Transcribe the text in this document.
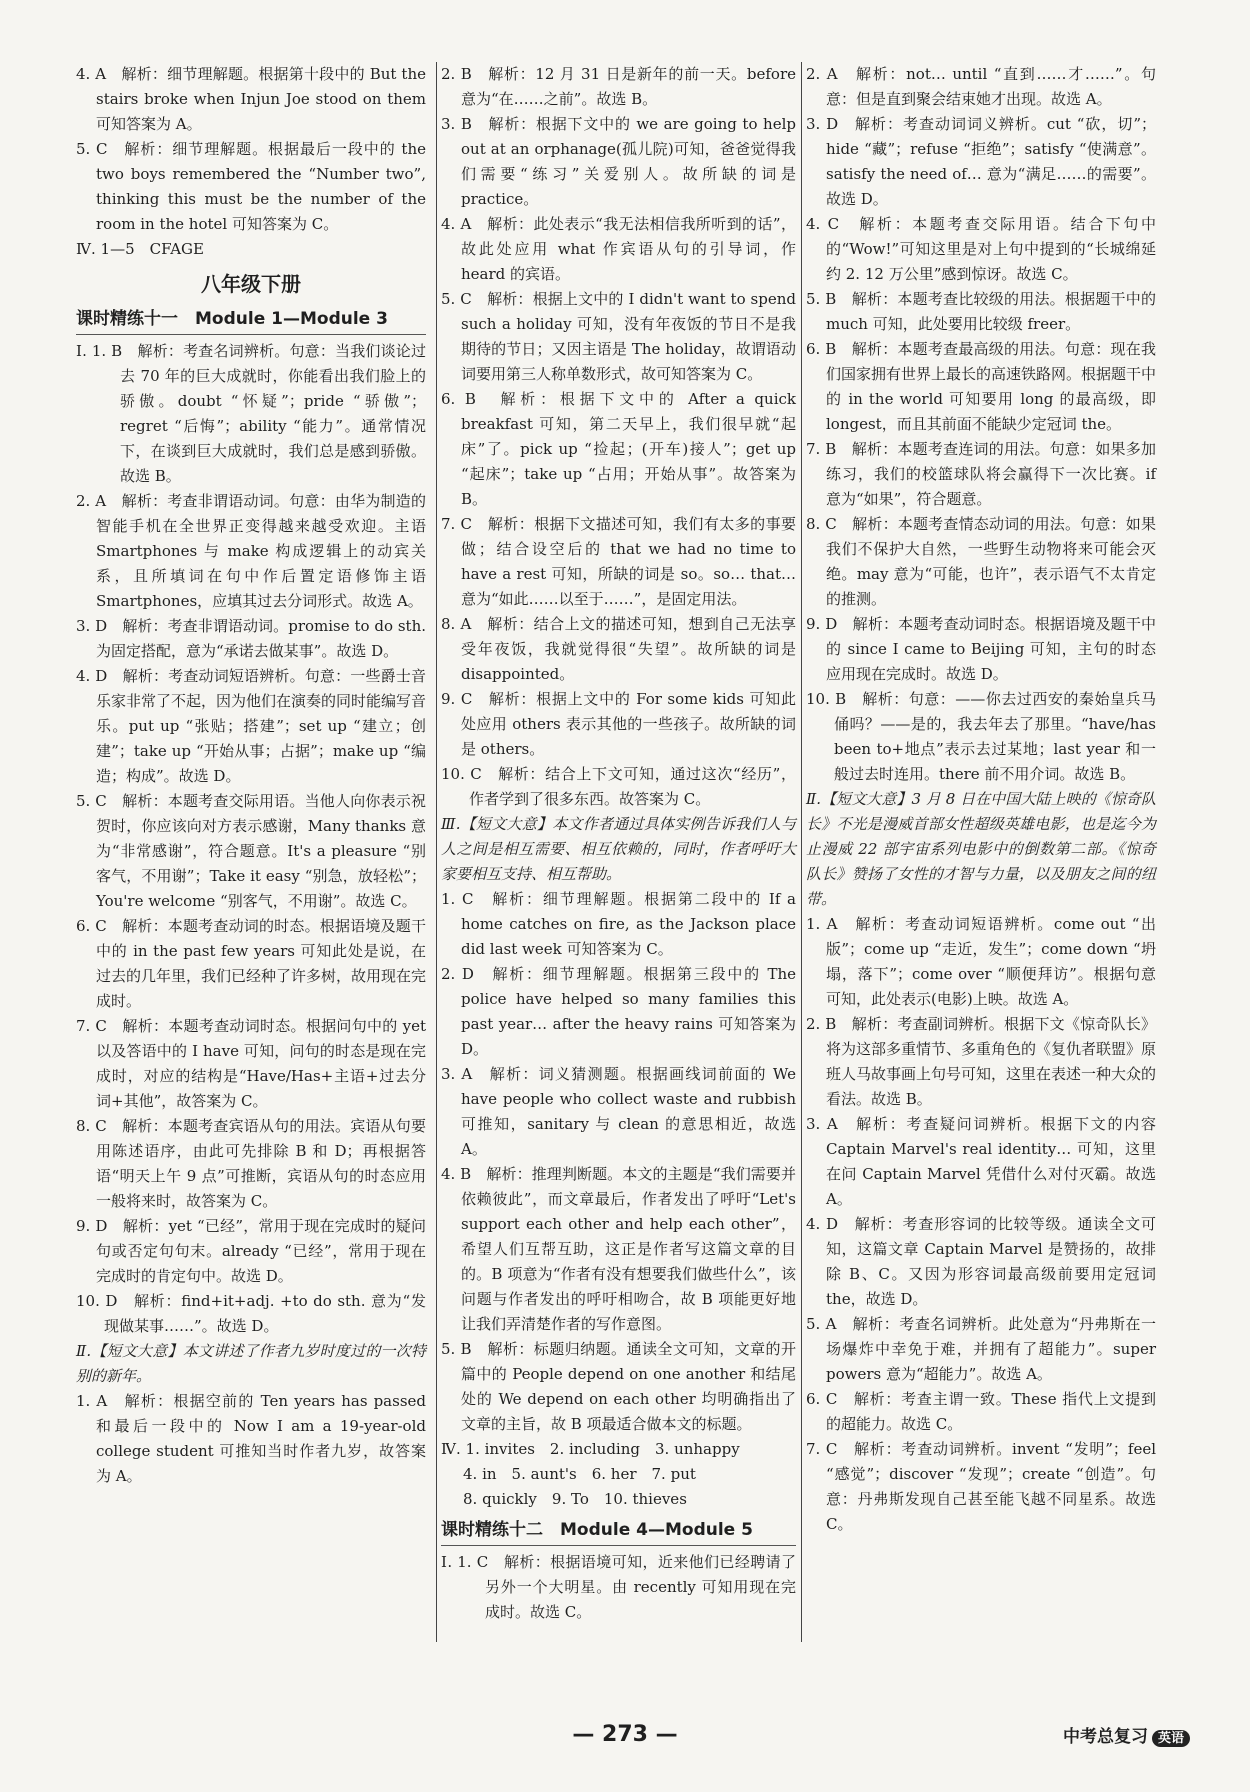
4. A　解析：细节理解题。根据第十段中的 But the stairs broke when Injun Joe stood on them 可知答案为 A。

5. C　解析：细节理解题。根据最后一段中的 the two boys remembered the “Number two”, thinking this must be the number of the room in the hotel 可知答案为 C。

Ⅳ. 1—5　CFAGE

八年级下册
课时精练十一　Module 1—Module 3

Ⅰ. 1. B　解析：考查名词辨析。句意：当我们谈论过去 70 年的巨大成就时，你能看出我们脸上的骄傲。doubt “怀疑”；pride “骄傲”；regret “后悔”；ability “能力”。通常情况下，在谈到巨大成就时，我们总是感到骄傲。故选 B。

2. A　解析：考查非谓语动词。句意：由华为制造的智能手机在全世界正变得越来越受欢迎。主语 Smartphones 与 make 构成逻辑上的动宾关系，且所填词在句中作后置定语修饰主语 Smartphones，应填其过去分词形式。故选 A。

3. D　解析：考查非谓语动词。promise to do sth. 为固定搭配，意为“承诺去做某事”。故选 D。

4. D　解析：考查动词短语辨析。句意：一些爵士音乐家非常了不起，因为他们在演奏的同时能编写音乐。put up “张贴；搭建”；set up “建立；创建”；take up “开始从事；占据”；make up “编造；构成”。故选 D。

5. C　解析：本题考查交际用语。当他人向你表示祝贺时，你应该向对方表示感谢，Many thanks 意为“非常感谢”，符合题意。It's a pleasure “别客气，不用谢”；Take it easy “别急，放轻松”；You're welcome “别客气，不用谢”。故选 C。

6. C　解析：本题考查动词的时态。根据语境及题干中的 in the past few years 可知此处是说，在过去的几年里，我们已经种了许多树，故用现在完成时。

7. C　解析：本题考查动词时态。根据问句中的 yet 以及答语中的 I have 可知，问句的时态是现在完成时，对应的结构是“Have/Has+主语+过去分词+其他”，故答案为 C。

8. C　解析：本题考查宾语从句的用法。宾语从句要用陈述语序，由此可先排除 B 和 D；再根据答语“明天上午 9 点”可推断，宾语从句的时态应用一般将来时，故答案为 C。

9. D　解析：yet “已经”，常用于现在完成时的疑问句或否定句句末。already “已经”，常用于现在完成时的肯定句中。故选 D。

10. D　解析：find+it+adj. +to do sth. 意为“发现做某事……”。故选 D。

Ⅱ.【短文大意】本文讲述了作者九岁时度过的一次特别的新年。

1. A　解析：根据空前的 Ten years has passed 和最后一段中的 Now I am a 19-year-old college student 可推知当时作者九岁，故答案为 A。

2. B　解析：12 月 31 日是新年的前一天。before 意为“在……之前”。故选 B。

3. B　解析：根据下文中的 we are going to help out at an orphanage(孤儿院)可知，爸爸觉得我们需要“练习”关爱别人。故所缺的词是 practice。

4. A　解析：此处表示“我无法相信我所听到的话”，故此处应用 what 作宾语从句的引导词，作 heard 的宾语。

5. C　解析：根据上文中的 I didn't want to spend such a holiday 可知，没有年夜饭的节日不是我期待的节日；又因主语是 The holiday，故谓语动词要用第三人称单数形式，故可知答案为 C。

6. B　解析：根据下文中的 After a quick breakfast 可知，第二天早上，我们很早就“起床”了。pick up “捡起；(开车)接人”；get up “起床”；take up “占用；开始从事”。故答案为 B。

7. C　解析：根据下文描述可知，我们有太多的事要做；结合设空后的 that we had no time to have a rest 可知，所缺的词是 so。so… that… 意为“如此……以至于……”，是固定用法。

8. A　解析：结合上文的描述可知，想到自己无法享受年夜饭，我就觉得很“失望”。故所缺的词是 disappointed。

9. C　解析：根据上文中的 For some kids 可知此处应用 others 表示其他的一些孩子。故所缺的词是 others。

10. C　解析：结合上下文可知，通过这次“经历”，作者学到了很多东西。故答案为 C。

Ⅲ.【短文大意】本文作者通过具体实例告诉我们人与人之间是相互需要、相互依赖的，同时，作者呼吁大家要相互支持、相互帮助。

1. C　解析：细节理解题。根据第二段中的 If a home catches on fire, as the Jackson place did last week 可知答案为 C。

2. D　解析：细节理解题。根据第三段中的 The police have helped so many families this past year… after the heavy rains 可知答案为 D。

3. A　解析：词义猜测题。根据画线词前面的 We have people who collect waste and rubbish 可推知，sanitary 与 clean 的意思相近，故选 A。

4. B　解析：推理判断题。本文的主题是“我们需要并依赖彼此”，而文章最后，作者发出了呼吁“Let's support each other and help each other”，希望人们互帮互助，这正是作者写这篇文章的目的。B 项意为“作者有没有想要我们做些什么”，该问题与作者发出的呼吁相吻合，故 B 项能更好地让我们弄清楚作者的写作意图。

5. B　解析：标题归纳题。通读全文可知，文章的开篇中的 People depend on one another 和结尾处的 We depend on each other 均明确指出了文章的主旨，故 B 项最适合做本文的标题。

Ⅳ. 1. invites　2. including　3. unhappy

4. in　5. aunt's　6. her　7. put

8. quickly　9. To　10. thieves

课时精练十二　Module 4—Module 5

Ⅰ. 1. C　解析：根据语境可知，近来他们已经聘请了另外一个大明星。由 recently 可知用现在完成时。故选 C。

2. A　解析：not… until “直到……才……”。句意：但是直到聚会结束她才出现。故选 A。

3. D　解析：考查动词词义辨析。cut “砍，切”；hide “藏”；refuse “拒绝”；satisfy “使满意”。satisfy the need of… 意为“满足……的需要”。故选 D。

4. C　解析：本题考查交际用语。结合下句中的“Wow!”可知这里是对上句中提到的“长城绵延约 2. 12 万公里”感到惊讶。故选 C。

5. B　解析：本题考查比较级的用法。根据题干中的 much 可知，此处要用比较级 freer。

6. B　解析：本题考查最高级的用法。句意：现在我们国家拥有世界上最长的高速铁路网。根据题干中的 in the world 可知要用 long 的最高级，即 longest，而且其前面不能缺少定冠词 the。

7. B　解析：本题考查连词的用法。句意：如果多加练习，我们的校篮球队将会赢得下一次比赛。if 意为“如果”，符合题意。

8. C　解析：本题考查情态动词的用法。句意：如果我们不保护大自然，一些野生动物将来可能会灭绝。may 意为“可能，也许”，表示语气不太肯定的推测。

9. D　解析：本题考查动词时态。根据语境及题干中的 since I came to Beijing 可知，主句的时态应用现在完成时。故选 D。

10. B　解析：句意：——你去过西安的秦始皇兵马俑吗？——是的，我去年去了那里。“have/has been to+地点”表示去过某地；last year 和一般过去时连用。there 前不用介词。故选 B。

Ⅱ.【短文大意】3 月 8 日在中国大陆上映的《惊奇队长》不光是漫威首部女性超级英雄电影，也是迄今为止漫威 22 部宇宙系列电影中的倒数第二部。《惊奇队长》赞扬了女性的才智与力量，以及朋友之间的纽带。

1. A　解析：考查动词短语辨析。come out “出版”；come up “走近，发生”；come down “坍塌，落下”；come over “顺便拜访”。根据句意可知，此处表示(电影)上映。故选 A。

2. B　解析：考查副词辨析。根据下文《惊奇队长》将为这部多重情节、多重角色的《复仇者联盟》原班人马故事画上句号可知，这里在表述一种大众的看法。故选 B。

3. A　解析：考查疑问词辨析。根据下文的内容 Captain Marvel's real identity… 可知，这里在问 Captain Marvel 凭借什么对付灭霸。故选 A。

4. D　解析：考查形容词的比较等级。通读全文可知，这篇文章 Captain Marvel 是赞扬的，故排除 B、C。又因为形容词最高级前要用定冠词 the，故选 D。

5. A　解析：考查名词辨析。此处意为“丹弗斯在一场爆炸中幸免于难，并拥有了超能力”。super powers 意为“超能力”。故选 A。

6. C　解析：考查主谓一致。These 指代上文提到的超能力。故选 C。

7. C　解析：考查动词辨析。invent “发明”；feel “感觉”；discover “发现”；create “创造”。句意：丹弗斯发现自己甚至能飞越不同星系。故选 C。

— 273 —	中考总复习 英语
